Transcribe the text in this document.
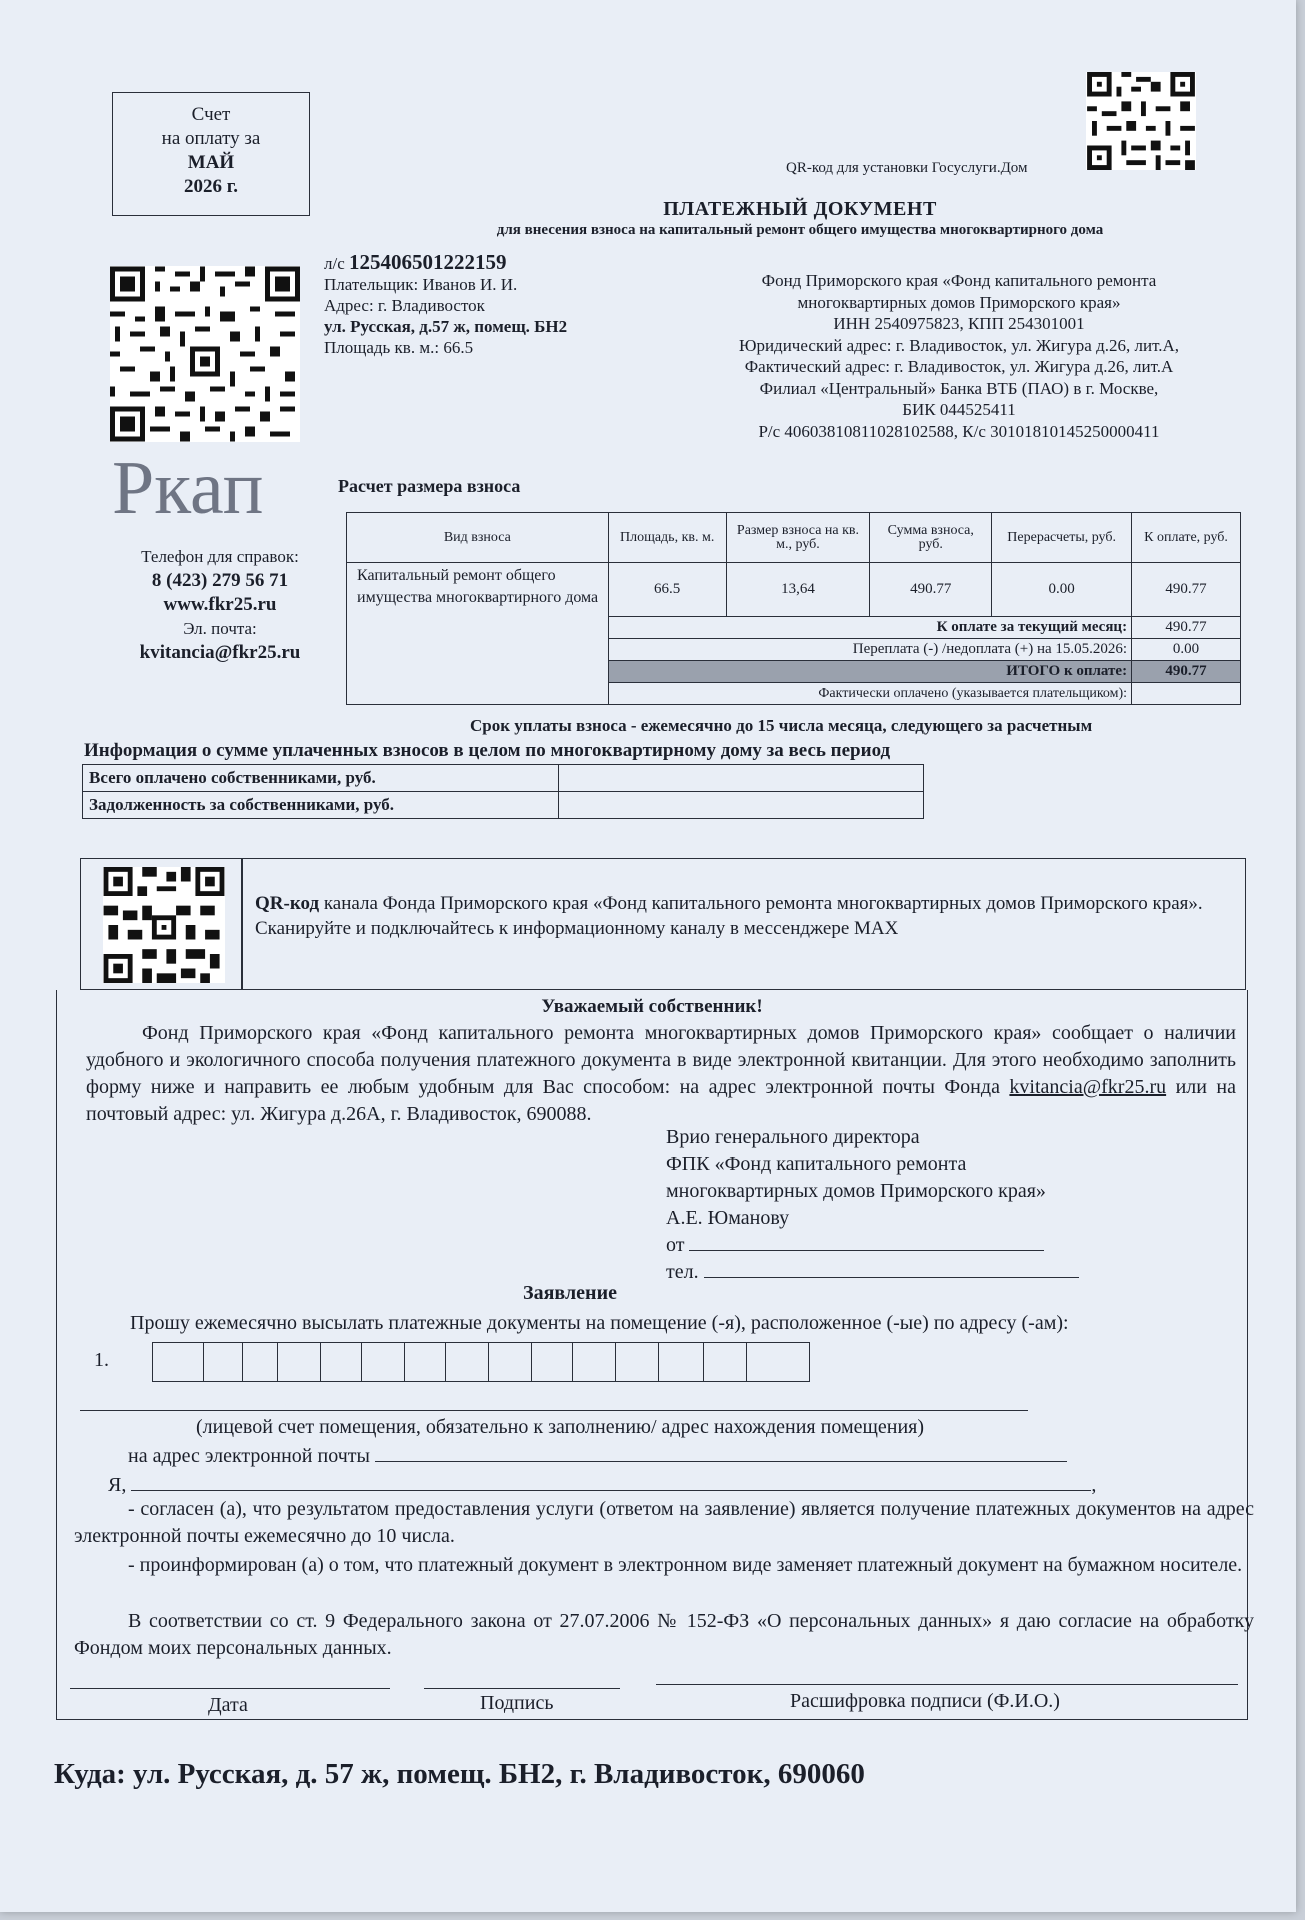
Счет
на оплату за
МАЙ
2026 г.
QR-код для установки Госуслуги.Дом
ПЛАТЕЖНЫЙ ДОКУМЕНТ
для внесения взноса на капитальный ремонт общего имущества многоквартирного дома
л/с 125406501222159
Плательщик: Иванов И. И.
Адрес: г. Владивосток
ул. Русская, д.57 ж, помещ. БН2
Площадь кв. м.: 66.5
Фонд Приморского края «Фонд капитального ремонта
многоквартирных домов Приморского края»
ИНН 2540975823, КПП 254301001
Юридический адрес: г. Владивосток, ул. Жигура д.26, лит.А,
Фактический адрес: г. Владивосток, ул. Жигура д.26, лит.А
Филиал «Центральный» Банка ВТБ (ПАО) в г. Москве,
БИК 044525411
Р/с 40603810811028102588, К/с 30101810145250000411
Ркап
Телефон для справок:
8 (423) 279 56 71
www.fkr25.ru
Эл. почта:
kvitancia@fkr25.ru
Расчет размера взноса
Вид взноса	Площадь, кв. м.	Размер взноса на кв. м., руб.	Сумма взноса, руб.	Перерасчеты, руб.	К оплате, руб.
Капитальный ремонт общего имущества многоквартирного дома	66.5	13,64	490.77	0.00	490.77
	К оплате за текущий месяц:				490.77
	Переплата (-) /недоплата (+) на 15.05.2026:				0.00
	ИТОГО к оплате:				490.77
	Фактически оплачено (указывается плательщиком):				
Срок уплаты взноса - ежемесячно до 15 числа месяца, следующего за расчетным
Информация о сумме уплаченных взносов в целом по многоквартирному дому за весь период
Всего оплачено собственниками, руб.	
Задолженность за собственниками, руб.	
QR-код канала Фонда Приморского края «Фонд капитального ремонта многоквартирных домов Приморского края». Сканируйте и подключайтесь к информационному каналу в мессенджере MAX
Уважаемый собственник!

Фонд Приморского края «Фонд капитального ремонта многоквартирных домов Приморского края» сообщает о наличии удобного и экологичного способа получения платежного документа в виде электронной квитанции. Для этого необходимо заполнить форму ниже и направить ее любым удобным для Вас способом: на адрес электронной почты Фонда kvitancia@fkr25.ru или на почтовый адрес: ул. Жигура д.26А, г. Владивосток, 690088.

Врио генерального директора
ФПК «Фонд капитального ремонта
многоквартирных домов Приморского края»
А.Е. Юманову
от
тел.
Заявление
Прошу ежемесячно высылать платежные документы на помещение (-я), расположенное (-ые) по адресу (-ам):
1.
(лицевой счет помещения, обязательно к заполнению/ адрес нахождения помещения)
на адрес электронной почты
Я,	,

- согласен (а), что результатом предоставления услуги (ответом на заявление) является получение платежных документов на адрес электронной почты ежемесячно до 10 числа.

- проинформирован (а) о том, что платежный документ в электронном виде заменяет платежный документ на бумажном носителе.

В соответствии со ст. 9 Федерального закона от 27.07.2006 № 152-ФЗ «О персональных данных» я даю согласие на обработку Фондом моих персональных данных.

Дата	Подпись	Расшифровка подписи (Ф.И.О.)
Куда: ул. Русская, д. 57 ж, помещ. БН2, г. Владивосток, 690060
